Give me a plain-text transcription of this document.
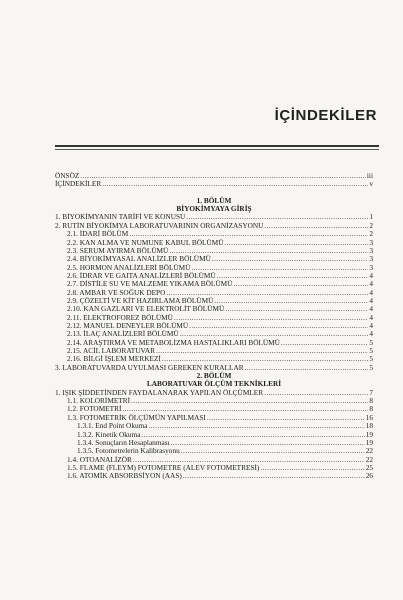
İÇİNDEKİLER
ÖNSÖZ .....	iii
İÇİNDEKİLER .....	v
1. BÖLÜM
BİYOKİMYAYA GİRİŞ
1. BİYOKİMYANIN TARİFİ VE KONUSU .....	1
2. RUTİN BİYOKİMYA LABORATUVARININ ORGANİZASYONU .....	2
2.1. İDARİ BÖLÜM .....	2
2.2. KAN ALMA VE NUMUNE KABUL BÖLÜMÜ .....	3
2.3. SERUM AYIRMA BÖLÜMÜ .....	3
2.4. BİYOKİMYASAL ANALİZLER BÖLÜMÜ .....	3
2.5. HORMON ANALİZLERİ BÖLÜMÜ .....	3
2.6. İDRAR VE GAITA ANALİZLERİ BÖLÜMÜ .....	4
2.7. DİSTİLE SU VE MALZEME YIKAMA BÖLÜMÜ .....	4
2.8. AMBAR VE SOĞUK DEPO .....	4
2.9. ÇÖZELTİ VE KİT HAZIRLAMA BÖLÜMÜ .....	4
2.10. KAN GAZLARI VE ELEKTROLİT BÖLÜMÜ .....	4
2.11. ELEKTROFOREZ BÖLÜMÜ .....	4
2.12. MANUEL DENEYLER BÖLÜMÜ .....	4
2.13. İLAÇ ANALİZLERİ BÖLÜMÜ .....	4
2.14. ARAŞTIRMA VE METABOLİZMA HASTALIKLARI BÖLÜMÜ .....	5
2.15. ACİL LABORATUVAR .....	5
2.16. BİLGİ İŞLEM MERKEZİ .....	5
3. LABORATUVARDA UYULMASI GEREKEN KURALLAR .....	5
2. BÖLÜM
LABORATUVAR ÖLÇÜM TEKNİKLERİ
1. IŞIK ŞİDDETİNDEN FAYDALANARAK YAPILAN ÖLÇÜMLER .....	7
1.1. KOLORİMETRİ .....	8
1.2. FOTOMETRİ .....	8
1.3. FOTOMETRİK ÖLÇÜMÜN YAPILMASI .....	16
1.3.1. End Point Okuma .....	18
1.3.2. Kinetik Okuma .....	19
1.3.4. Sonuçların Hesaplanması .....	19
1.3.5. Fotometrelerin Kalibrasyonu .....	22
1.4. OTOANALİZÖR .....	22
1.5. FLAME (FLEYM) FOTOMETRE (ALEV FOTOMETRESİ) .....	25
1.6. ATOMİK ABSORBSİYON (AAS) .....	26
